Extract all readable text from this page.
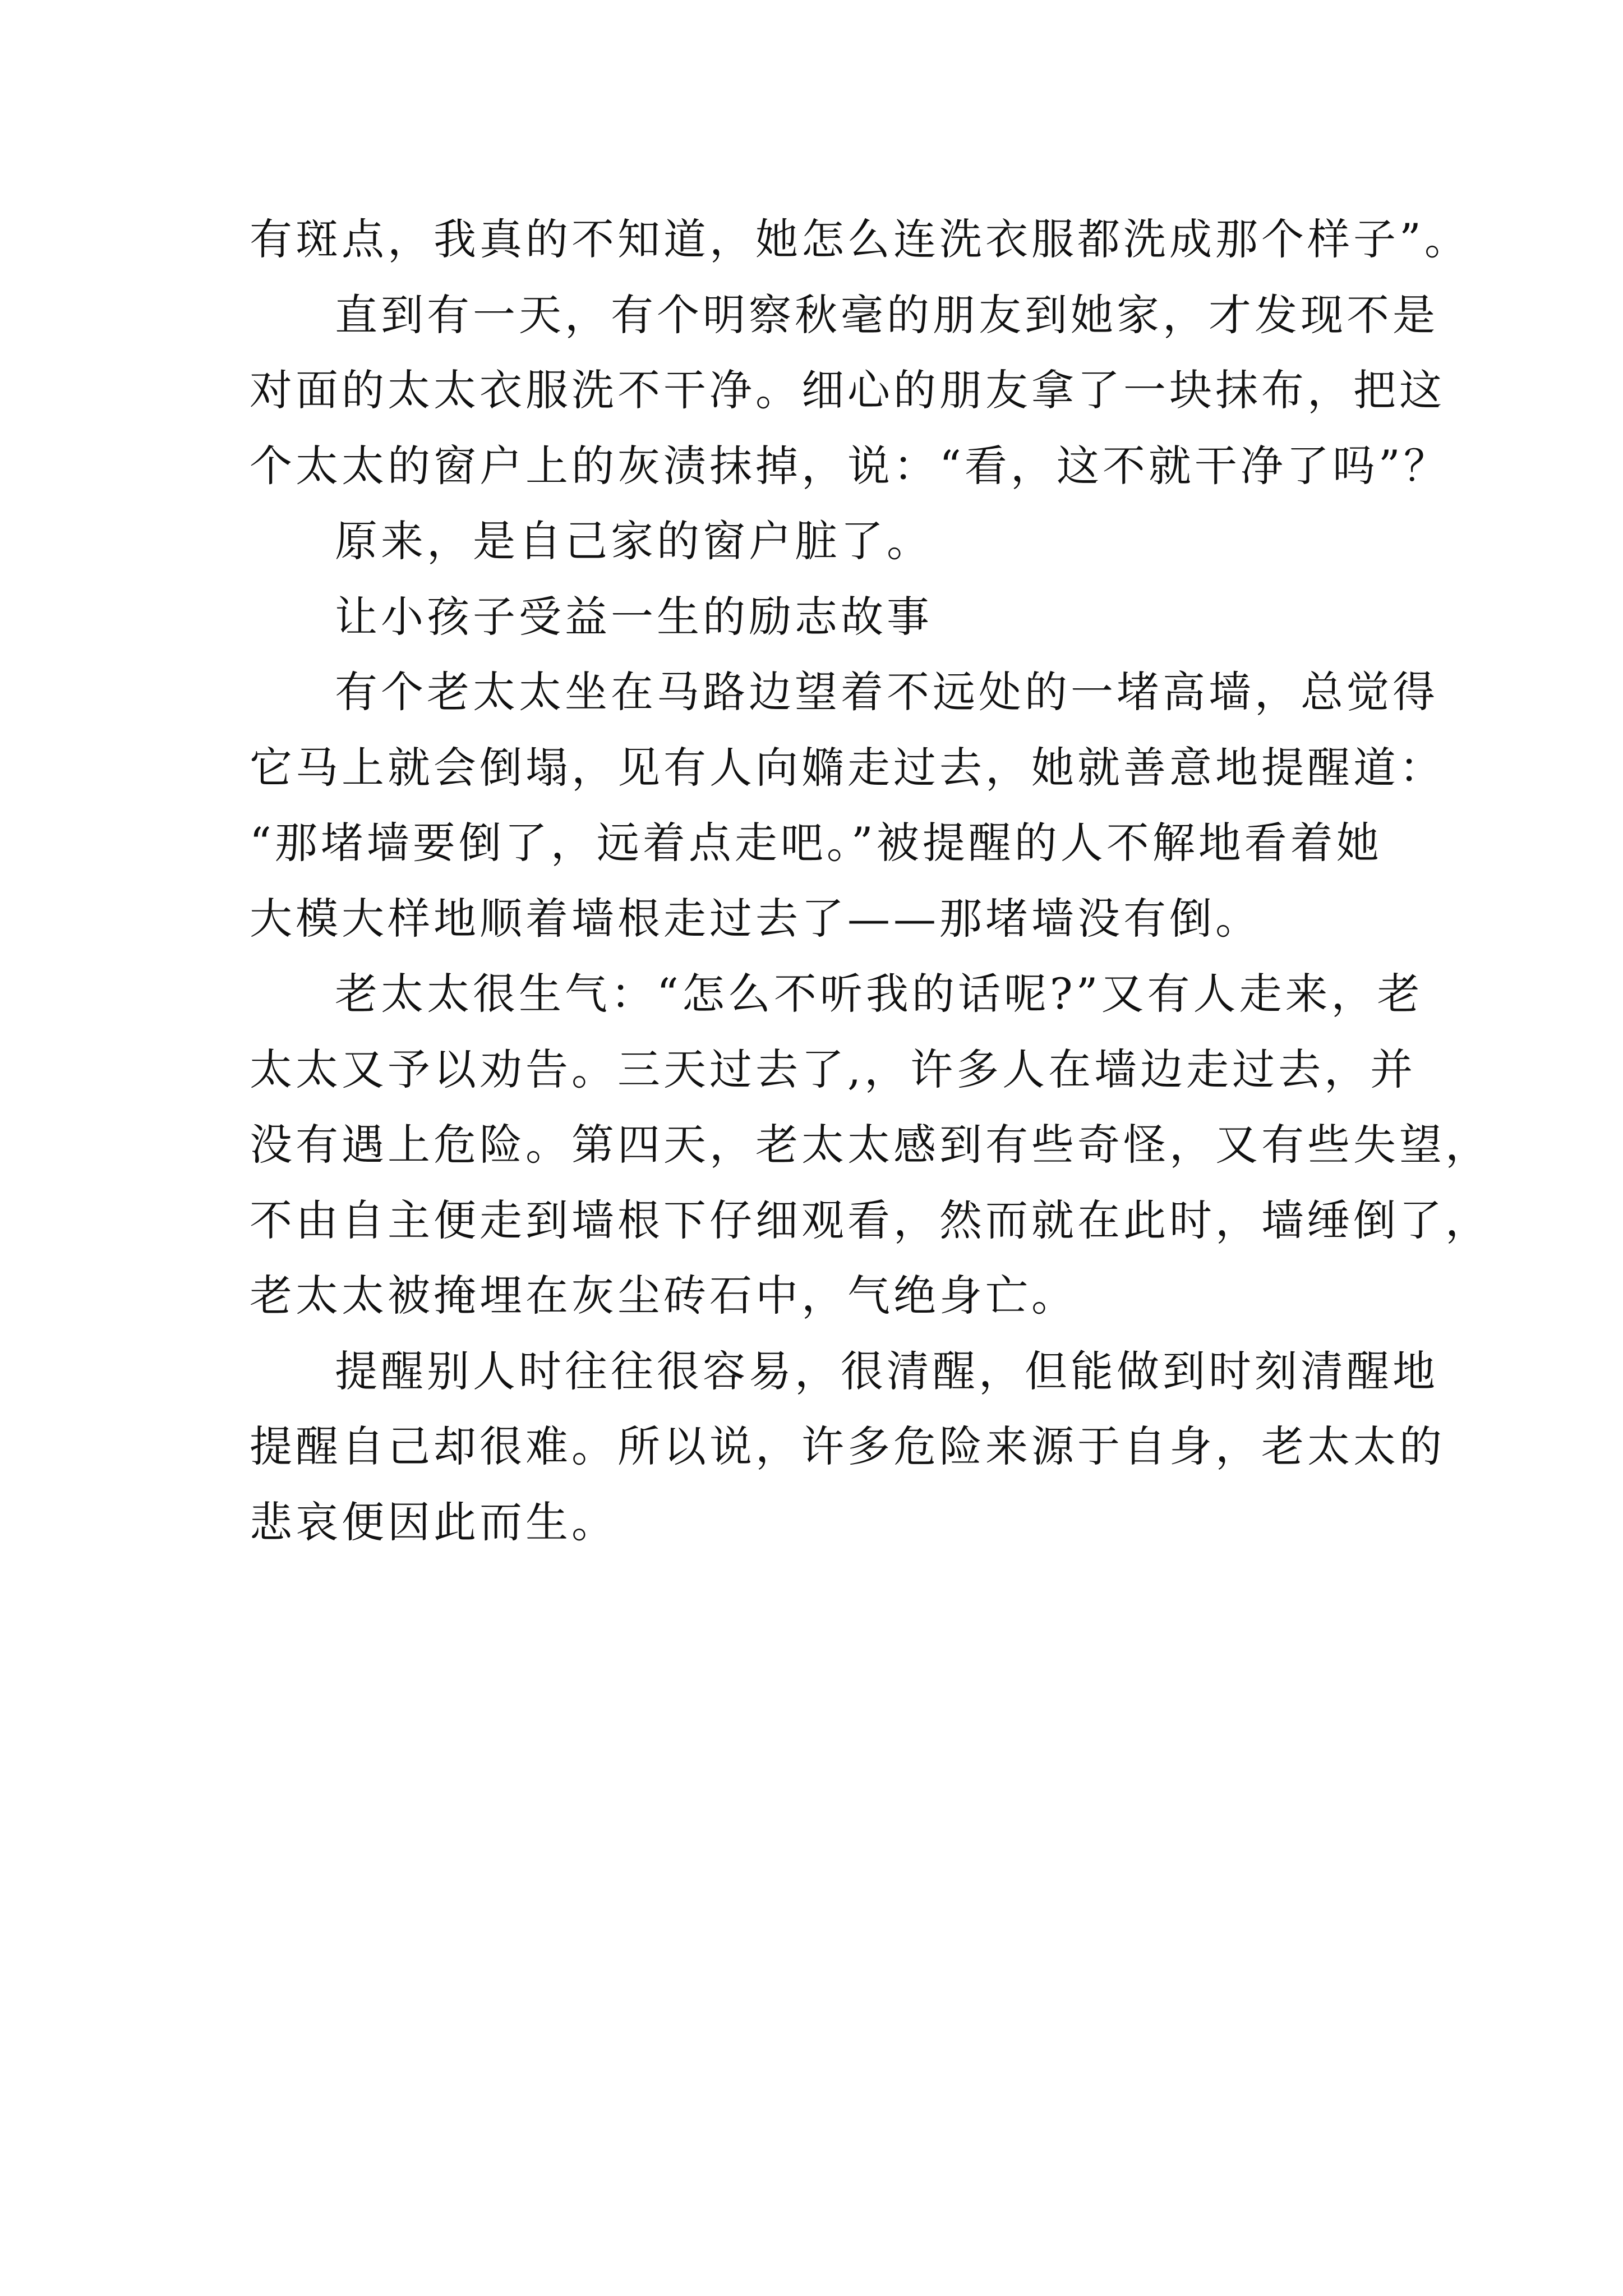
有斑点，我真的不知道，她怎么连洗衣服都洗成那个样子”。
直到有一天，有个明察秋毫的朋友到她家，才发现不是
对面的太太衣服洗不干净。细心的朋友拿了一块抹布，把这
个太太的窗户上的灰渍抹掉，说：“看，这不就干净了吗”？
原来，是自己家的窗户脏了。
让小孩子受益一生的励志故事
有个老太太坐在马路边望着不远处的一堵高墙，总觉得
它马上就会倒塌，见有人向嫷走过去，她就善意地提醒道：
“那堵墙要倒了，远着点走吧。”被提醒的人不解地看着她
大模大样地顺着墙根走过去了——那堵墙没有倒。
老太太很生气：“怎么不听我的话呢?”又有人走来，老
太太又予以劝告。三天过去了,，许多人在墙边走过去，并
没有遇上危险。第四天，老太太感到有些奇怪，又有些失望，
不由自主便走到墙根下仔细观看，然而就在此时，墙缍倒了，
老太太被掩埋在灰尘砖石中，气绝身亡。
提醒别人时往往很容易，很清醒，但能做到时刻清醒地
提醒自己却很难。所以说，许多危险来源于自身，老太太的
悲哀便因此而生。
